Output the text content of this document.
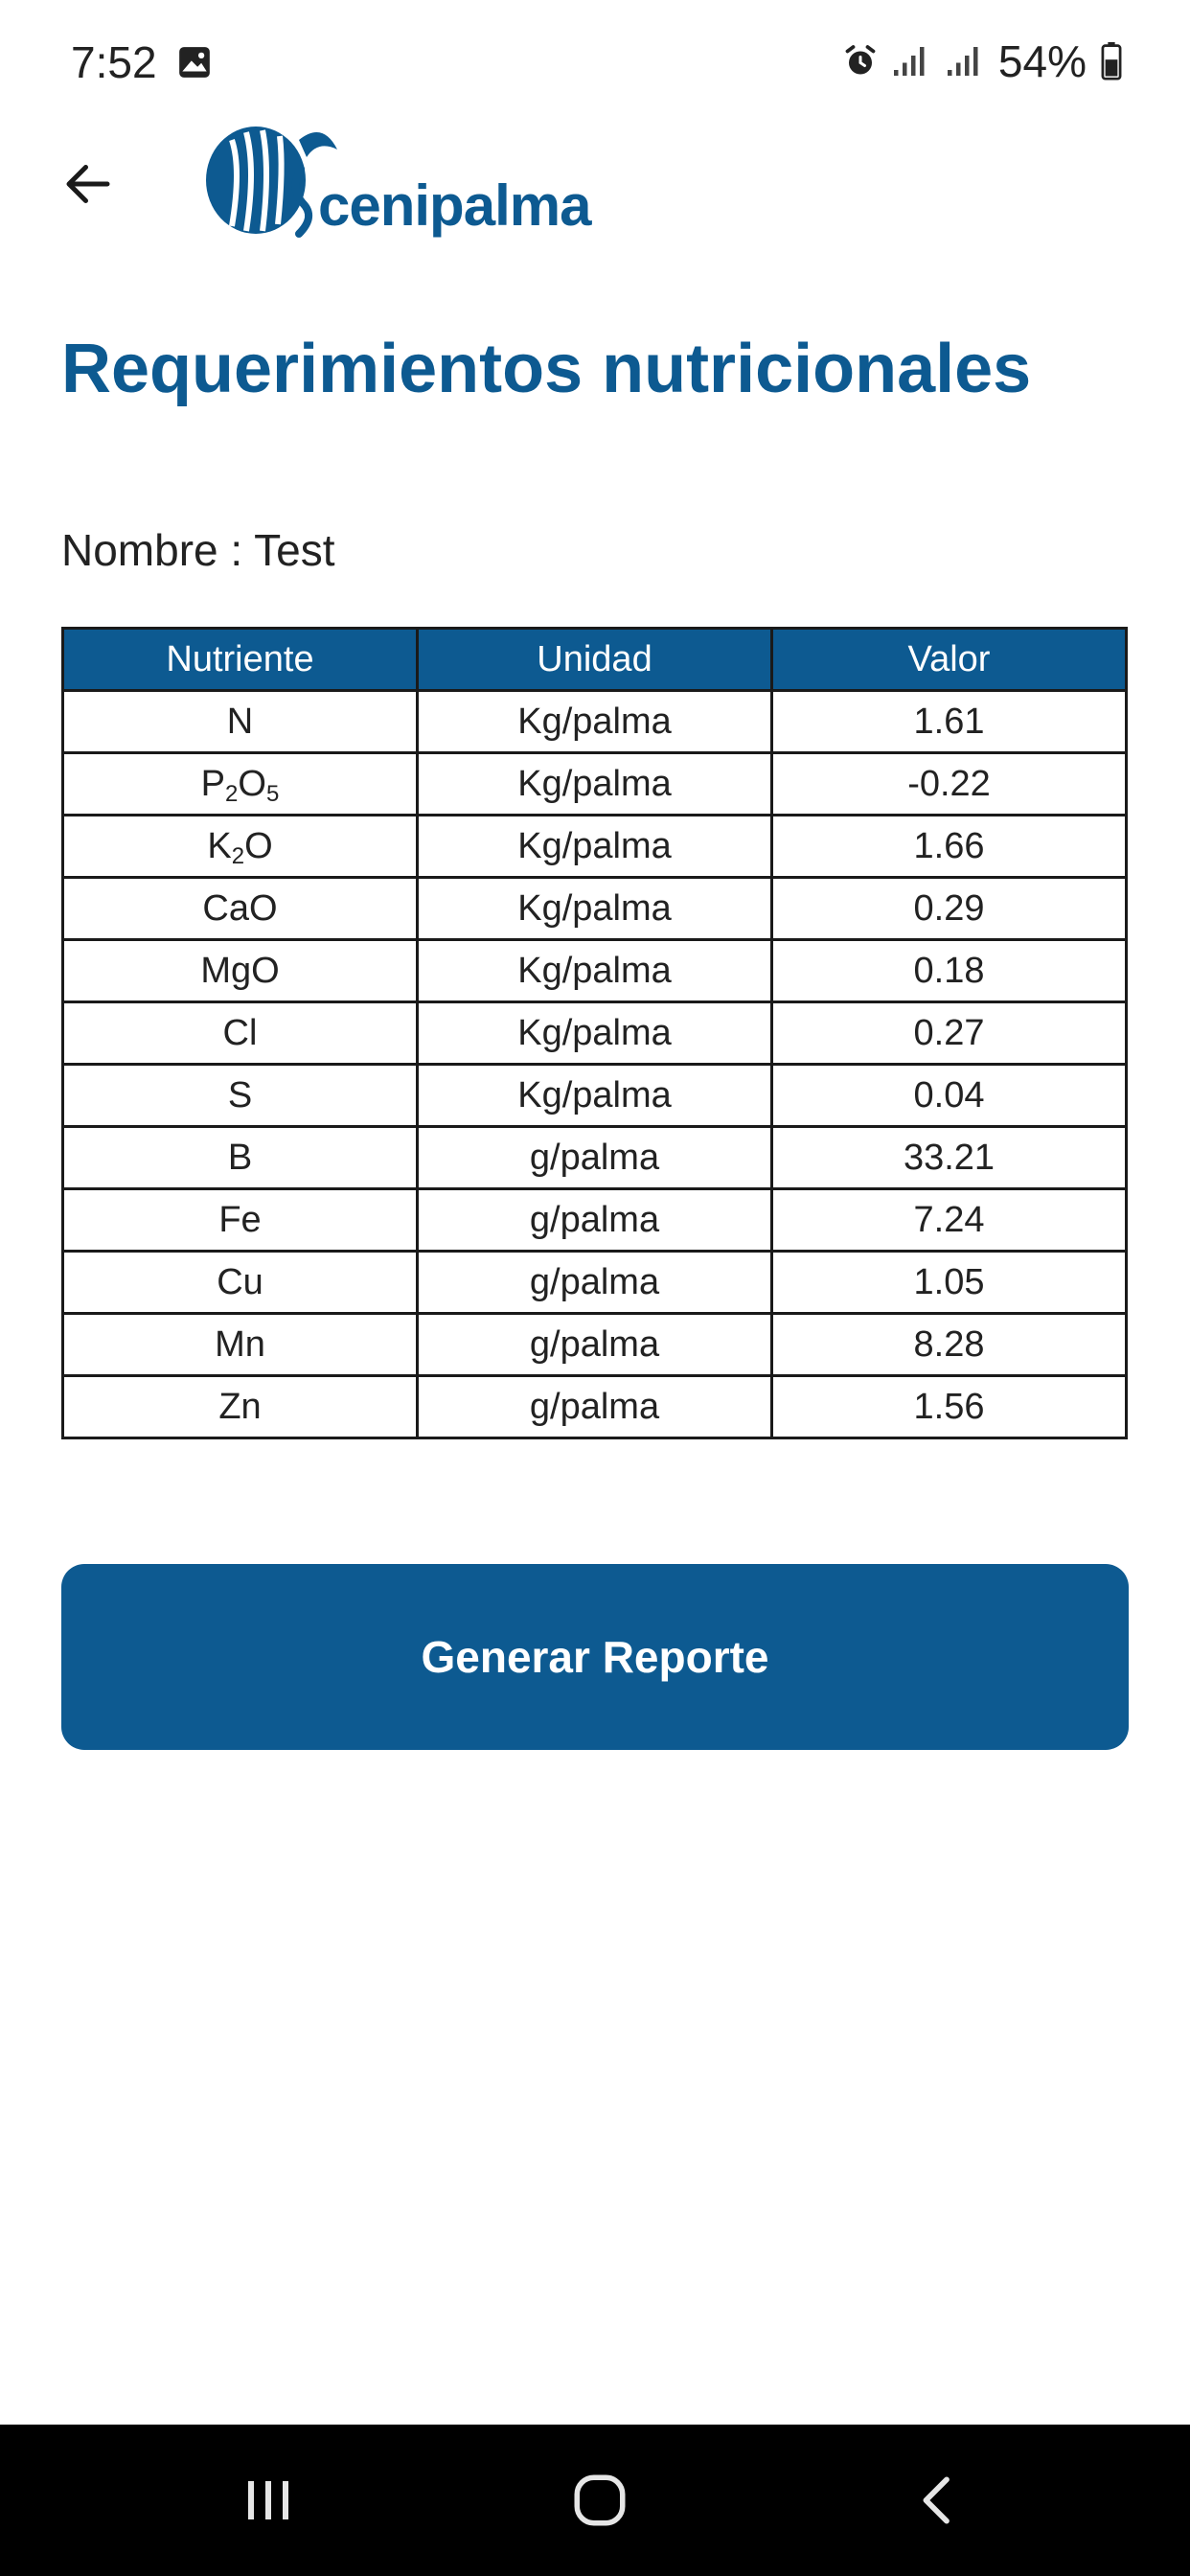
7:52	54%
cenipalma
Requerimientos nutricionales
Nombre : Test
Nutriente	Unidad	Valor
N	Kg/palma	1.61
$P_2O_5$	Kg/palma	-0.22
$K_2O$	Kg/palma	1.66
CaO	Kg/palma	0.29
MgO	Kg/palma	0.18
Cl	Kg/palma	0.27
S	Kg/palma	0.04
B	g/palma	33.21
Fe	g/palma	7.24
Cu	g/palma	1.05
Mn	g/palma	8.28
Zn	g/palma	1.56
Generar Reporte
